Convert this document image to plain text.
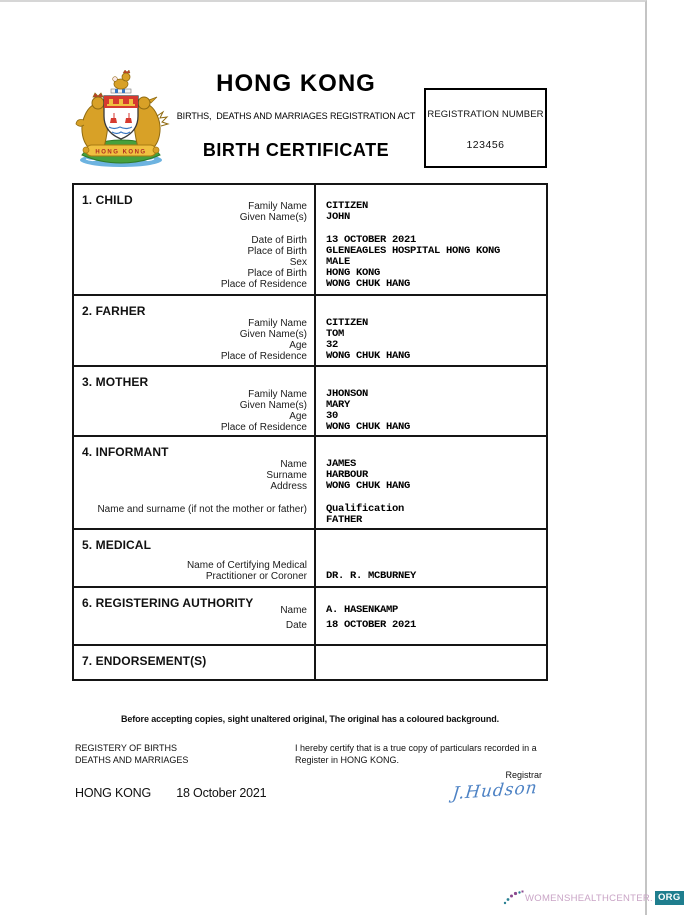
HONG KONG
HONG KONG
BIRTHS,  DEATHS AND MARRIAGES REGISTRATION ACT
BIRTH CERTIFICATE
REGISTRATION NUMBER
123456
1. CHILD	Family Name	CITIZEN
Given Name(s)	JOHN
Date of Birth	13 OCTOBER 2021
Place of Birth	GLENEAGLES HOSPITAL HONG KONG
Sex	MALE
Place of Birth	HONG KONG
Place of Residence	WONG CHUK HANG
2. FARHER
Family Name	CITIZEN
Given Name(s)	TOM
Age	32
Place of Residence	WONG CHUK HANG
3. MOTHER
Family Name	JHONSON
Given Name(s)	MARY
Age	30
Place of Residence	WONG CHUK HANG
4. INFORMANT
Name	JAMES
Surname	HARBOUR
Address	WONG CHUK HANG
Name and surname (if not the mother or father)	Qualification
FATHER
5. MEDICAL
Name of Certifying Medical
Practitioner or Coroner	DR. R. MCBURNEY
6. REGISTERING AUTHORITY
Name	A. HASENKAMP
Date	18 OCTOBER 2021
7. ENDORSEMENT(S)
Before accepting copies, sight unaltered original, The original has a coloured background.
REGISTERY OF BIRTHS
DEATHS AND MARRIAGES
I hereby certify that is a true copy of particulars recorded in a Register in HONG KONG.
Registrar
HONG KONG 18 October 2021	J.Hudson
WOMENSHEALTHCENTER. ORG
